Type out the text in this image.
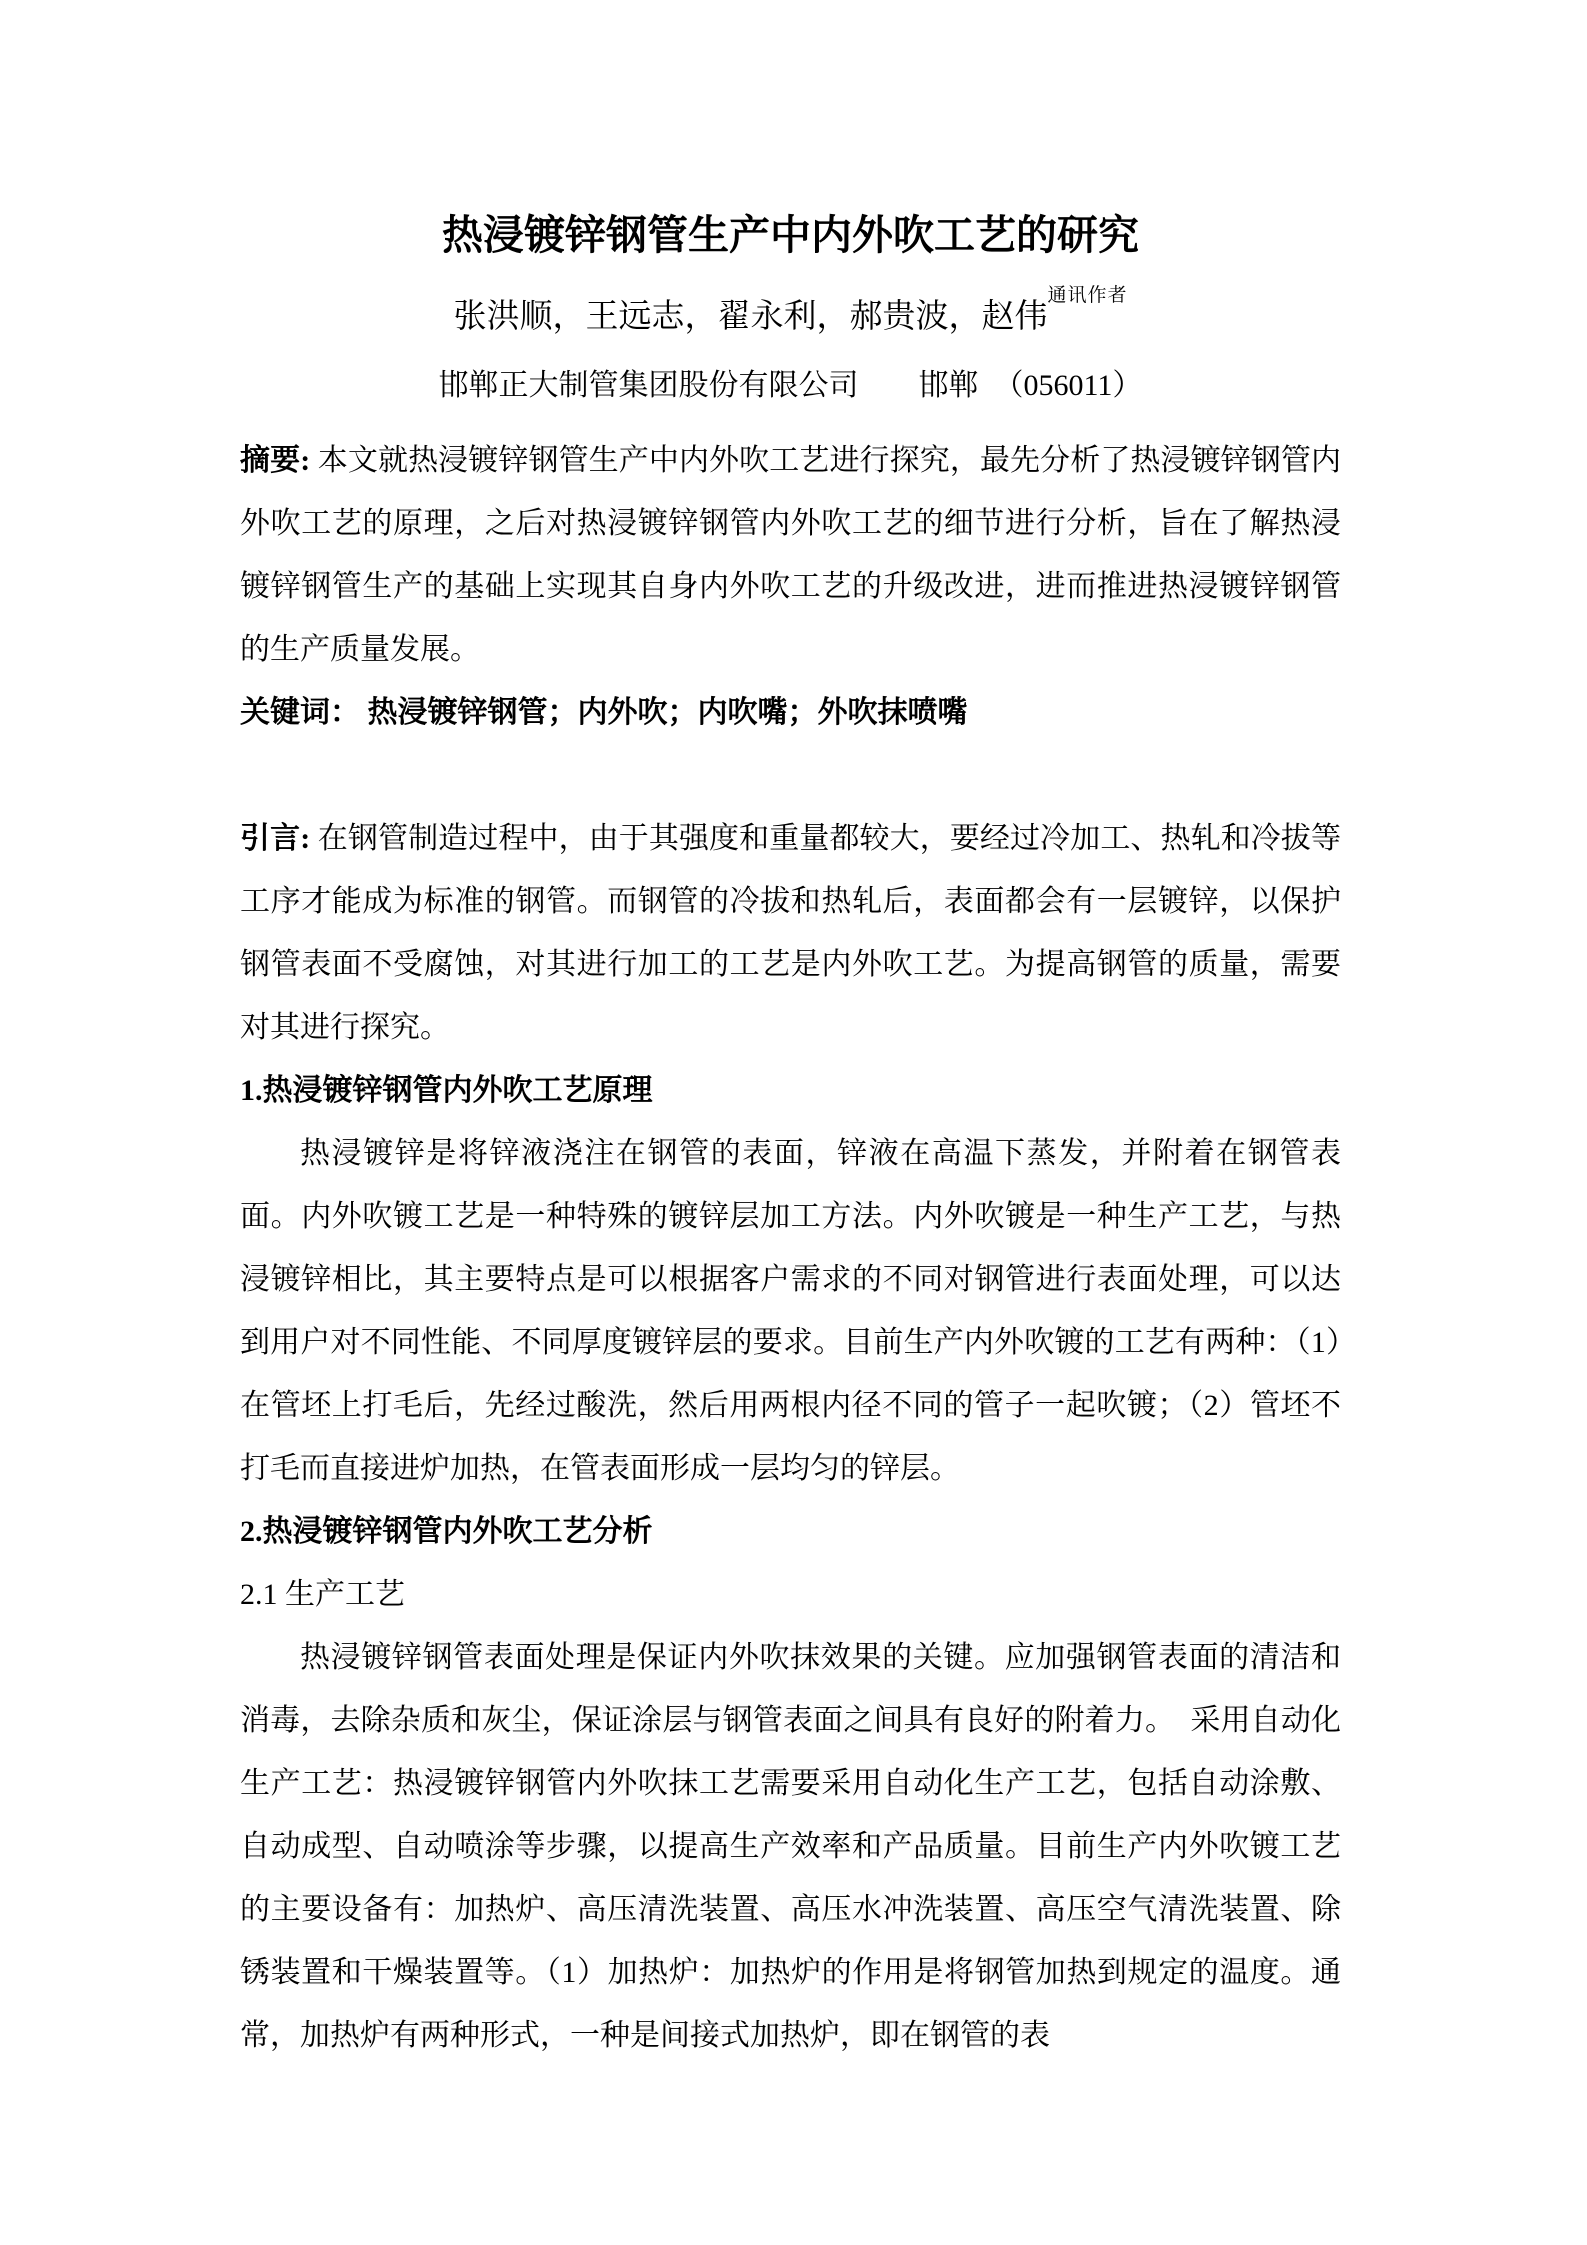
热浸镀锌钢管生产中内外吹工艺的研究
张洪顺，王远志，翟永利，郝贵波，赵伟$^{通讯作者}$
邯郸正大制管集团股份有限公司　　邯郸　（056011）

摘要: 本文就热浸镀锌钢管生产中内外吹工艺进行探究，最先分析了热浸镀锌钢管内外吹工艺的原理，之后对热浸镀锌钢管内外吹工艺的细节进行分析，旨在了解热浸镀锌钢管生产的基础上实现其自身内外吹工艺的升级改进，进而推进热浸镀锌钢管的生产质量发展。

关键词： 热浸镀锌钢管；内外吹；内吹嘴；外吹抹喷嘴

引言: 在钢管制造过程中，由于其强度和重量都较大，要经过冷加工、热轧和冷拔等工序才能成为标准的钢管。而钢管的冷拔和热轧后，表面都会有一层镀锌，以保护钢管表面不受腐蚀，对其进行加工的工艺是内外吹工艺。为提高钢管的质量，需要对其进行探究。

1.热浸镀锌钢管内外吹工艺原理

热浸镀锌是将锌液浇注在钢管的表面，锌液在高温下蒸发，并附着在钢管表面。内外吹镀工艺是一种特殊的镀锌层加工方法。内外吹镀是一种生产工艺，与热浸镀锌相比，其主要特点是可以根据客户需求的不同对钢管进行表面处理，可以达到用户对不同性能、不同厚度镀锌层的要求。目前生产内外吹镀的工艺有两种：（1）在管坯上打毛后，先经过酸洗，然后用两根内径不同的管子一起吹镀；（2）管坯不打毛而直接进炉加热，在管表面形成一层均匀的锌层。

2.热浸镀锌钢管内外吹工艺分析
2.1 生产工艺

热浸镀锌钢管表面处理是保证内外吹抹效果的关键。应加强钢管表面的清洁和消毒，去除杂质和灰尘，保证涂层与钢管表面之间具有良好的附着力。　采用自动化生产工艺：热浸镀锌钢管内外吹抹工艺需要采用自动化生产工艺，包括自动涂敷、自动成型、自动喷涂等步骤，以提高生产效率和产品质量。目前生产内外吹镀工艺的主要设备有：加热炉、高压清洗装置、高压水冲洗装置、高压空气清洗装置、除锈装置和干燥装置等。（1）加热炉：加热炉的作用是将钢管加热到规定的温度。通常，加热炉有两种形式，一种是间接式加热炉，即在钢管的表
